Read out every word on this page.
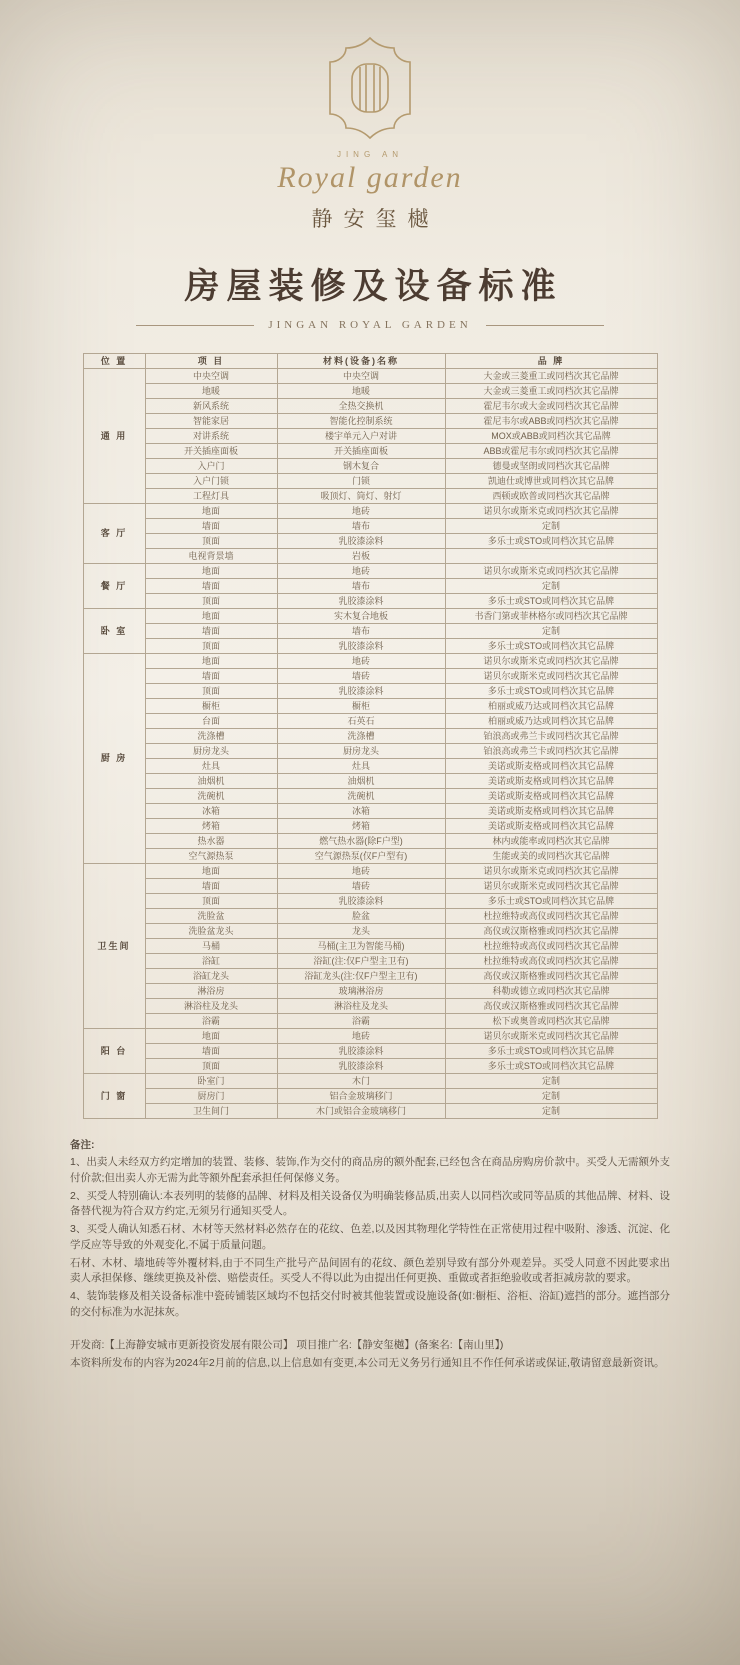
JING AN
Royal garden
静安玺樾
房屋装修及设备标准
JINGAN ROYAL GARDEN
位 置	项 目	材料(设备)名称	品 牌
通 用	中央空调	中央空调	大金或三菱重工或同档次其它品牌
	地暖	地暖	大金或三菱重工或同档次其它品牌
	新风系统	全热交换机	霍尼韦尔或大金或同档次其它品牌
	智能家居	智能化控制系统	霍尼韦尔或ABB或同档次其它品牌
	对讲系统	楼宇单元入户对讲	MOX或ABB或同档次其它品牌
	开关插座面板	开关插座面板	ABB或霍尼韦尔或同档次其它品牌
	入户门	钢木复合	德曼或坚朗或同档次其它品牌
	入户门锁	门锁	凯迪仕或博世或同档次其它品牌
	工程灯具	吸顶灯、筒灯、射灯	西顿或欧普或同档次其它品牌
客 厅	地面	地砖	诺贝尔或斯米克或同档次其它品牌
	墙面	墙布	定制
	顶面	乳胶漆涂料	多乐士或STO或同档次其它品牌
	电视背景墙	岩板	
餐 厅	地面	地砖	诺贝尔或斯米克或同档次其它品牌
	墙面	墙布	定制
	顶面	乳胶漆涂料	多乐士或STO或同档次其它品牌
卧 室	地面	实木复合地板	书香门第或菲林格尔或同档次其它品牌
	墙面	墙布	定制
	顶面	乳胶漆涂料	多乐士或STO或同档次其它品牌
厨 房	地面	地砖	诺贝尔或斯米克或同档次其它品牌
	墙面	墙砖	诺贝尔或斯米克或同档次其它品牌
	顶面	乳胶漆涂料	多乐士或STO或同档次其它品牌
	橱柜	橱柜	柏丽或威乃达或同档次其它品牌
	台面	石英石	柏丽或威乃达或同档次其它品牌
	洗涤槽	洗涤槽	铂浪高或弗兰卡或同档次其它品牌
	厨房龙头	厨房龙头	铂浪高或弗兰卡或同档次其它品牌
	灶具	灶具	美诺或斯麦格或同档次其它品牌
	油烟机	油烟机	美诺或斯麦格或同档次其它品牌
	洗碗机	洗碗机	美诺或斯麦格或同档次其它品牌
	冰箱	冰箱	美诺或斯麦格或同档次其它品牌
	烤箱	烤箱	美诺或斯麦格或同档次其它品牌
	热水器	燃气热水器(除F户型)	林内或能率或同档次其它品牌
	空气源热泵	空气源热泵(仅F户型有)	生能或美的或同档次其它品牌
卫生间	地面	地砖	诺贝尔或斯米克或同档次其它品牌
	墙面	墙砖	诺贝尔或斯米克或同档次其它品牌
	顶面	乳胶漆涂料	多乐士或STO或同档次其它品牌
	洗脸盆	脸盆	杜拉维特或高仪或同档次其它品牌
	洗脸盆龙头	龙头	高仪或汉斯格雅或同档次其它品牌
	马桶	马桶(主卫为智能马桶)	杜拉维特或高仪或同档次其它品牌
	浴缸	浴缸(注:仅F户型主卫有)	杜拉维特或高仪或同档次其它品牌
	浴缸龙头	浴缸龙头(注:仅F户型主卫有)	高仪或汉斯格雅或同档次其它品牌
	淋浴房	玻璃淋浴房	科勒或德立或同档次其它品牌
	淋浴柱及龙头	淋浴柱及龙头	高仪或汉斯格雅或同档次其它品牌
	浴霸	浴霸	松下或奥普或同档次其它品牌
阳 台	地面	地砖	诺贝尔或斯米克或同档次其它品牌
	墙面	乳胶漆涂料	多乐士或STO或同档次其它品牌
	顶面	乳胶漆涂料	多乐士或STO或同档次其它品牌
门 窗	卧室门	木门	定制
	厨房门	铝合金玻璃移门	定制
	卫生间门	木门或铝合金玻璃移门	定制
备注:

1、出卖人未经双方约定增加的装置、装修、装饰,作为交付的商品房的额外配套,已经包含在商品房购房价款中。买受人无需额外支付价款;但出卖人亦无需为此等额外配套承担任何保修义务。

2、买受人特别确认:本表列明的装修的品牌、材料及相关设备仅为明确装修品质,出卖人以同档次或同等品质的其他品牌、材料、设备替代视为符合双方约定,无须另行通知买受人。

3、买受人确认知悉石材、木材等天然材料必然存在的花纹、色差,以及因其物理化学特性在正常使用过程中吸附、渗透、沉淀、化学反应等导致的外观变化,不属于质量问题。

石材、木材、墙地砖等外覆材料,由于不同生产批号产品间固有的花纹、颜色差别导致有部分外观差异。买受人同意不因此要求出卖人承担保修、继续更换及补偿、赔偿责任。买受人不得以此为由提出任何更换、重做或者拒绝验收或者拒减房款的要求。

4、装饰装修及相关设备标准中瓷砖铺装区域均不包括交付时被其他装置或设施设备(如:橱柜、浴柜、浴缸)遮挡的部分。遮挡部分的交付标准为水泥抹灰。

开发商:【上海静安城市更新投资发展有限公司】 项目推广名:【静安玺樾】(备案名:【南山里】)

本资料所发布的内容为2024年2月前的信息,以上信息如有变更,本公司无义务另行通知且不作任何承诺或保证,敬请留意最新资讯。
